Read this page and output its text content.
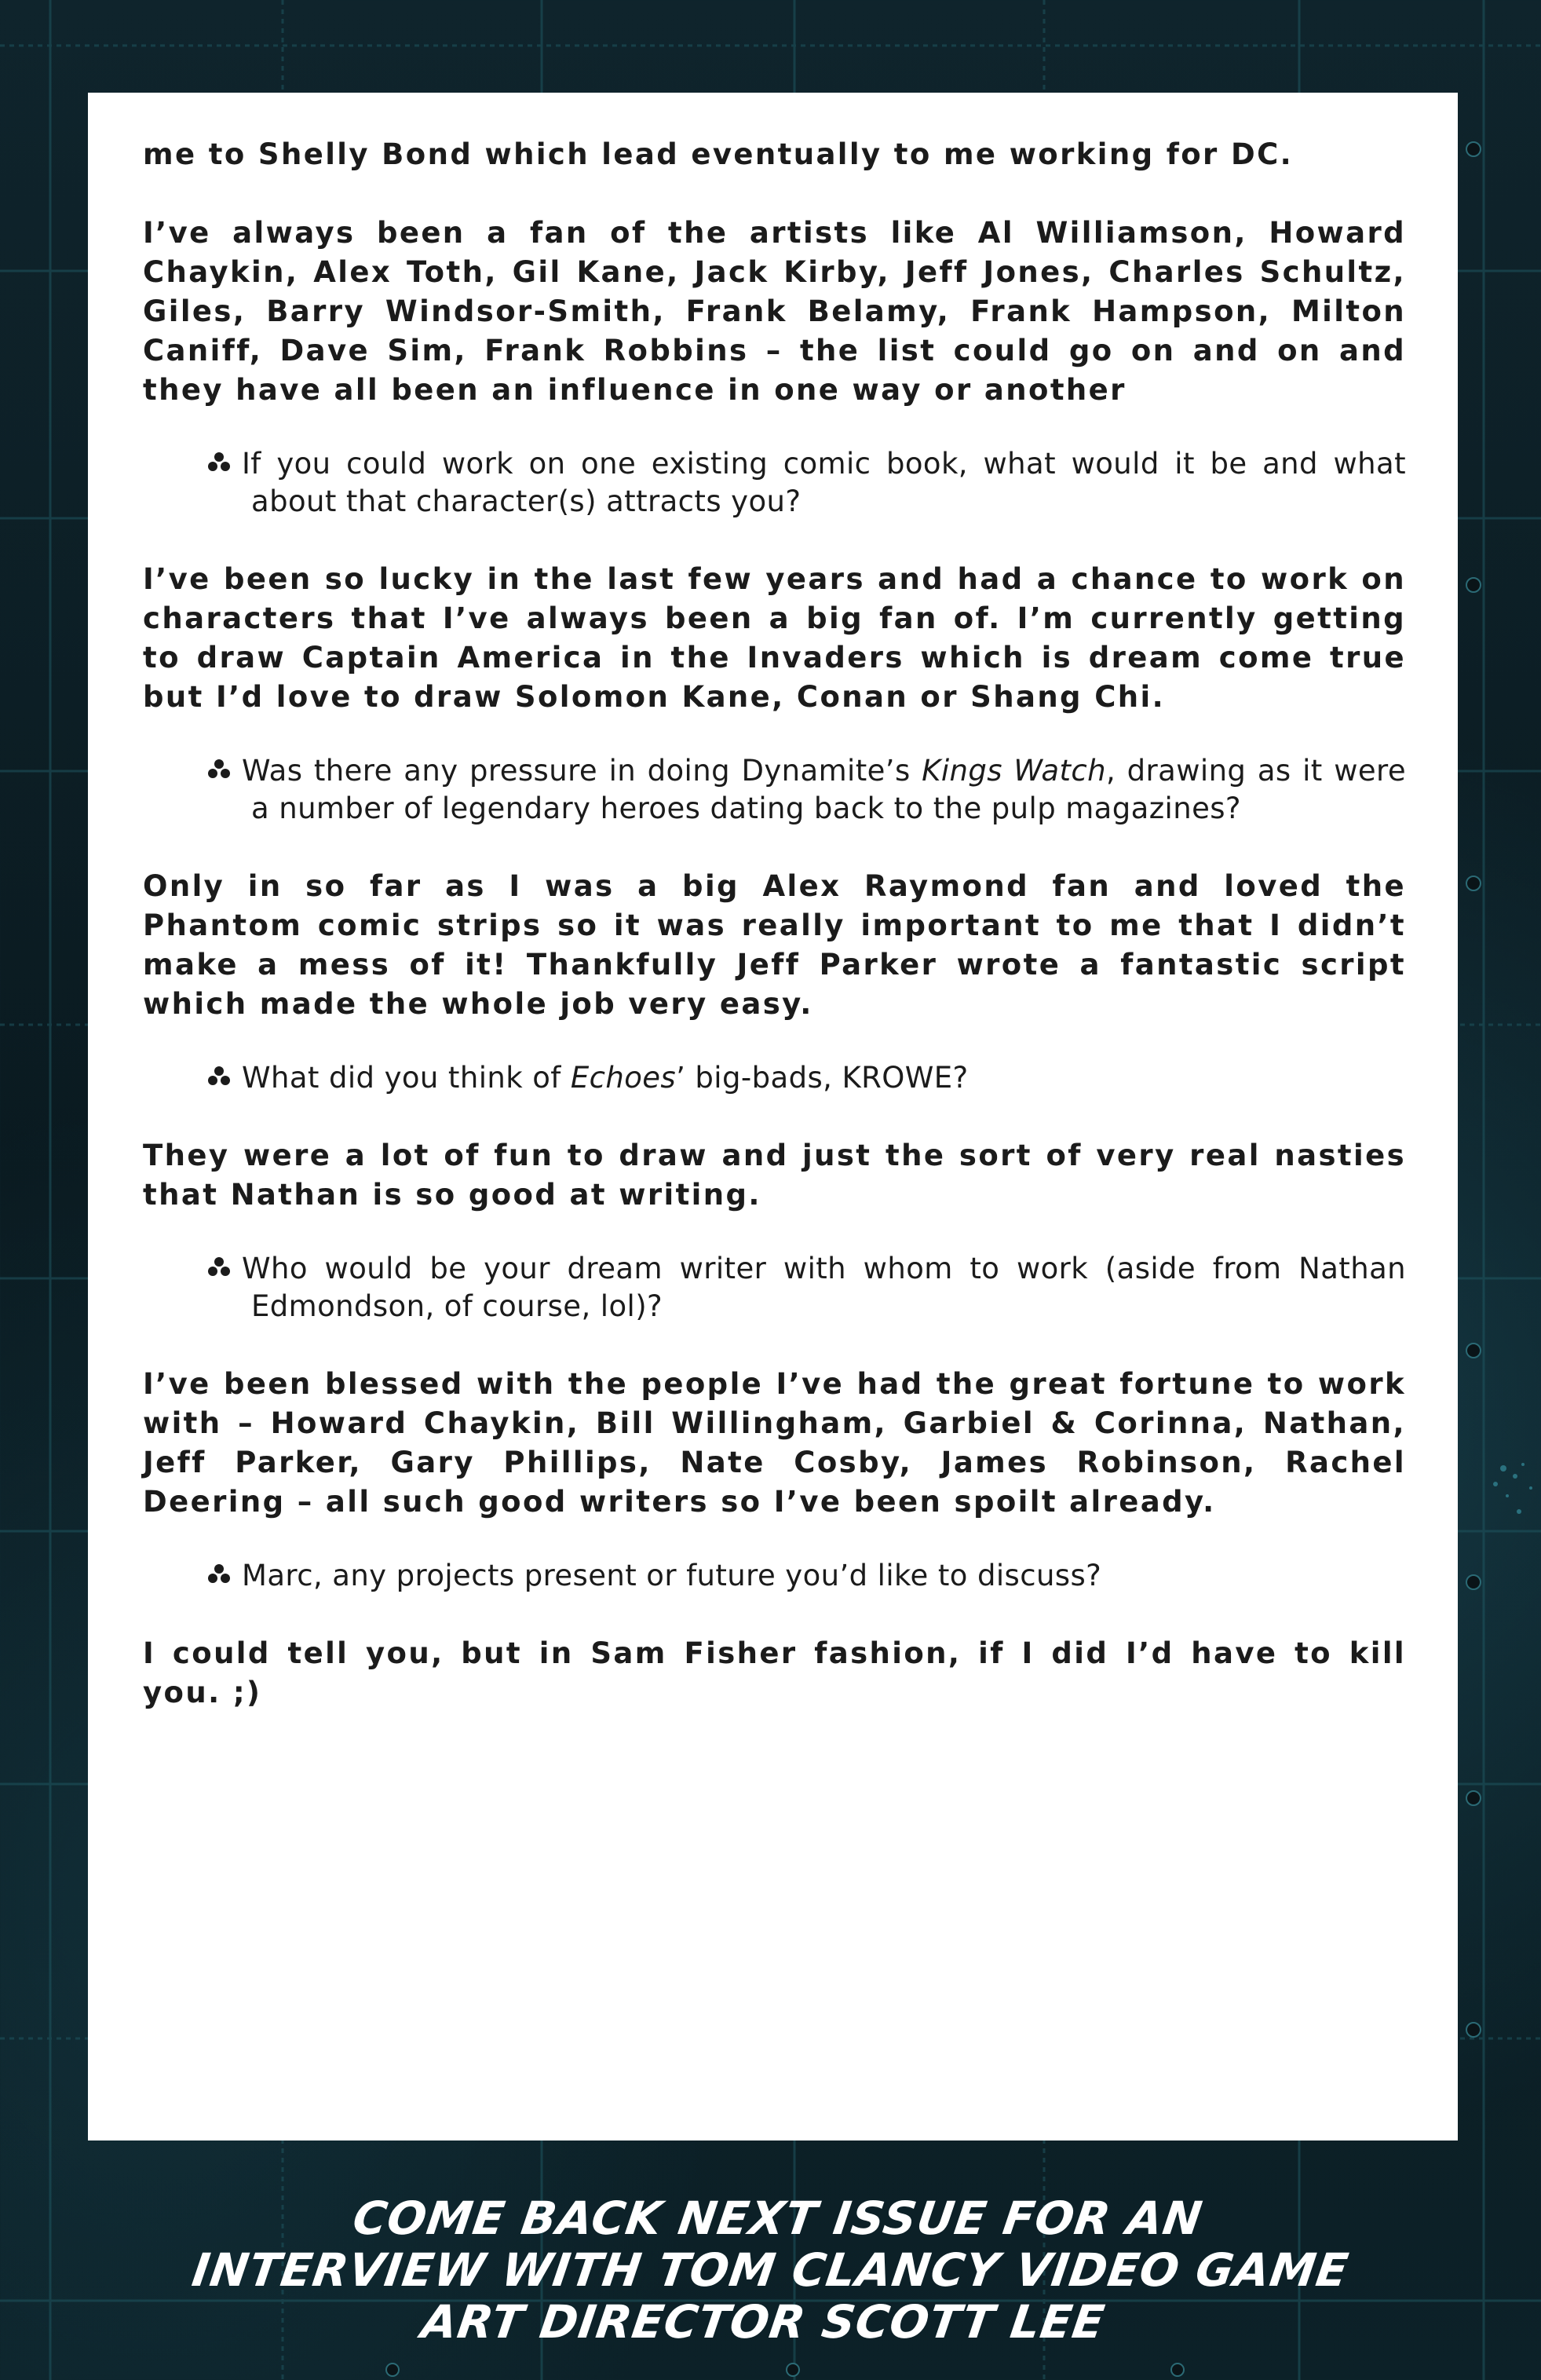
me to Shelly Bond which lead eventually to me working for DC.

I’ve always been a fan of the artists like Al Williamson, Howard Chaykin, Alex Toth, Gil Kane, Jack Kirby, Jeff Jones, Charles Schultz, Giles, Barry Windsor-Smith, Frank Belamy, Frank Hampson, Milton Caniff, Dave Sim, Frank Robbins – the list could go on and on and they have all been an influence in one way or another

If you could work on one existing comic book, what would it be and what about that character(s) attracts you?

I’ve been so lucky in the last few years and had a chance to work on characters that I’ve always been a big fan of. I’m currently getting to draw Captain America in the Invaders which is dream come true but I’d love to draw Solomon Kane, Conan or Shang Chi.

Was there any pressure in doing Dynamite’s Kings Watch, drawing as it were a number of legendary heroes dating back to the pulp magazines?

Only in so far as I was a big Alex Raymond fan and loved the Phantom comic strips so it was really important to me that I didn’t make a mess of it! Thankfully Jeff Parker wrote a fantastic script which made the whole job very easy.

What did you think of Echoes’ big-bads, KROWE?

They were a lot of fun to draw and just the sort of very real nasties that Nathan is so good at writing.

Who would be your dream writer with whom to work (aside from Nathan Edmondson, of course, lol)?

I’ve been blessed with the people I’ve had the great fortune to work with – Howard Chaykin, Bill Willingham, Garbiel & Corinna, Nathan, Jeff Parker, Gary Phillips, Nate Cosby, James Robinson, Rachel Deering – all such good writers so I’ve been spoilt already.

Marc, any projects present or future you’d like to discuss?

I could tell you, but in Sam Fisher fashion, if I did I’d have to kill you. ;)

COME BACK NEXT ISSUE FOR AN
INTERVIEW WITH TOM CLANCY VIDEO GAME
ART DIRECTOR SCOTT LEE
